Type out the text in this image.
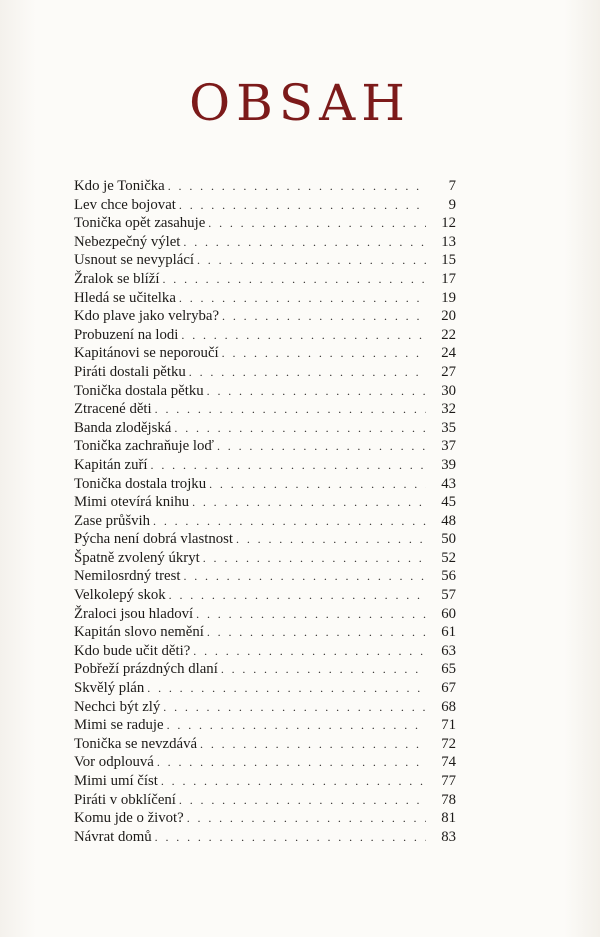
OBSAH
Kdo je Tonička . . .	7
Lev chce bojovat . . .	9
Tonička opět zasahuje . . .	12
Nebezpečný výlet . . .	13
Usnout se nevyplácí . . .	15
Žralok se blíží . . .	17
Hledá se učitelka . . .	19
Kdo plave jako velryba? . . .	20
Probuzení na lodi . . .	22
Kapitánovi se neporoučí . . .	24
Piráti dostali pětku . . .	27
Tonička dostala pětku . . .	30
Ztracené děti . . .	32
Banda zlodějská . . .	35
Tonička zachraňuje loď . . .	37
Kapitán zuří . . .	39
Tonička dostala trojku . . .	43
Mimi otevírá knihu . . .	45
Zase průšvih . . .	48
Pýcha není dobrá vlastnost . . .	50
Špatně zvolený úkryt . . .	52
Nemilosrdný trest . . .	56
Velkolepý skok . . .	57
Žraloci jsou hladoví . . .	60
Kapitán slovo nemění . . .	61
Kdo bude učit děti? . . .	63
Pobřeží prázdných dlaní . . .	65
Skvělý plán . . .	67
Nechci být zlý . . .	68
Mimi se raduje . . .	71
Tonička se nevzdává . . .	72
Vor odplouvá . . .	74
Mimi umí číst . . .	77
Piráti v obklíčení . . .	78
Komu jde o život? . . .	81
Návrat domů . . .	83
